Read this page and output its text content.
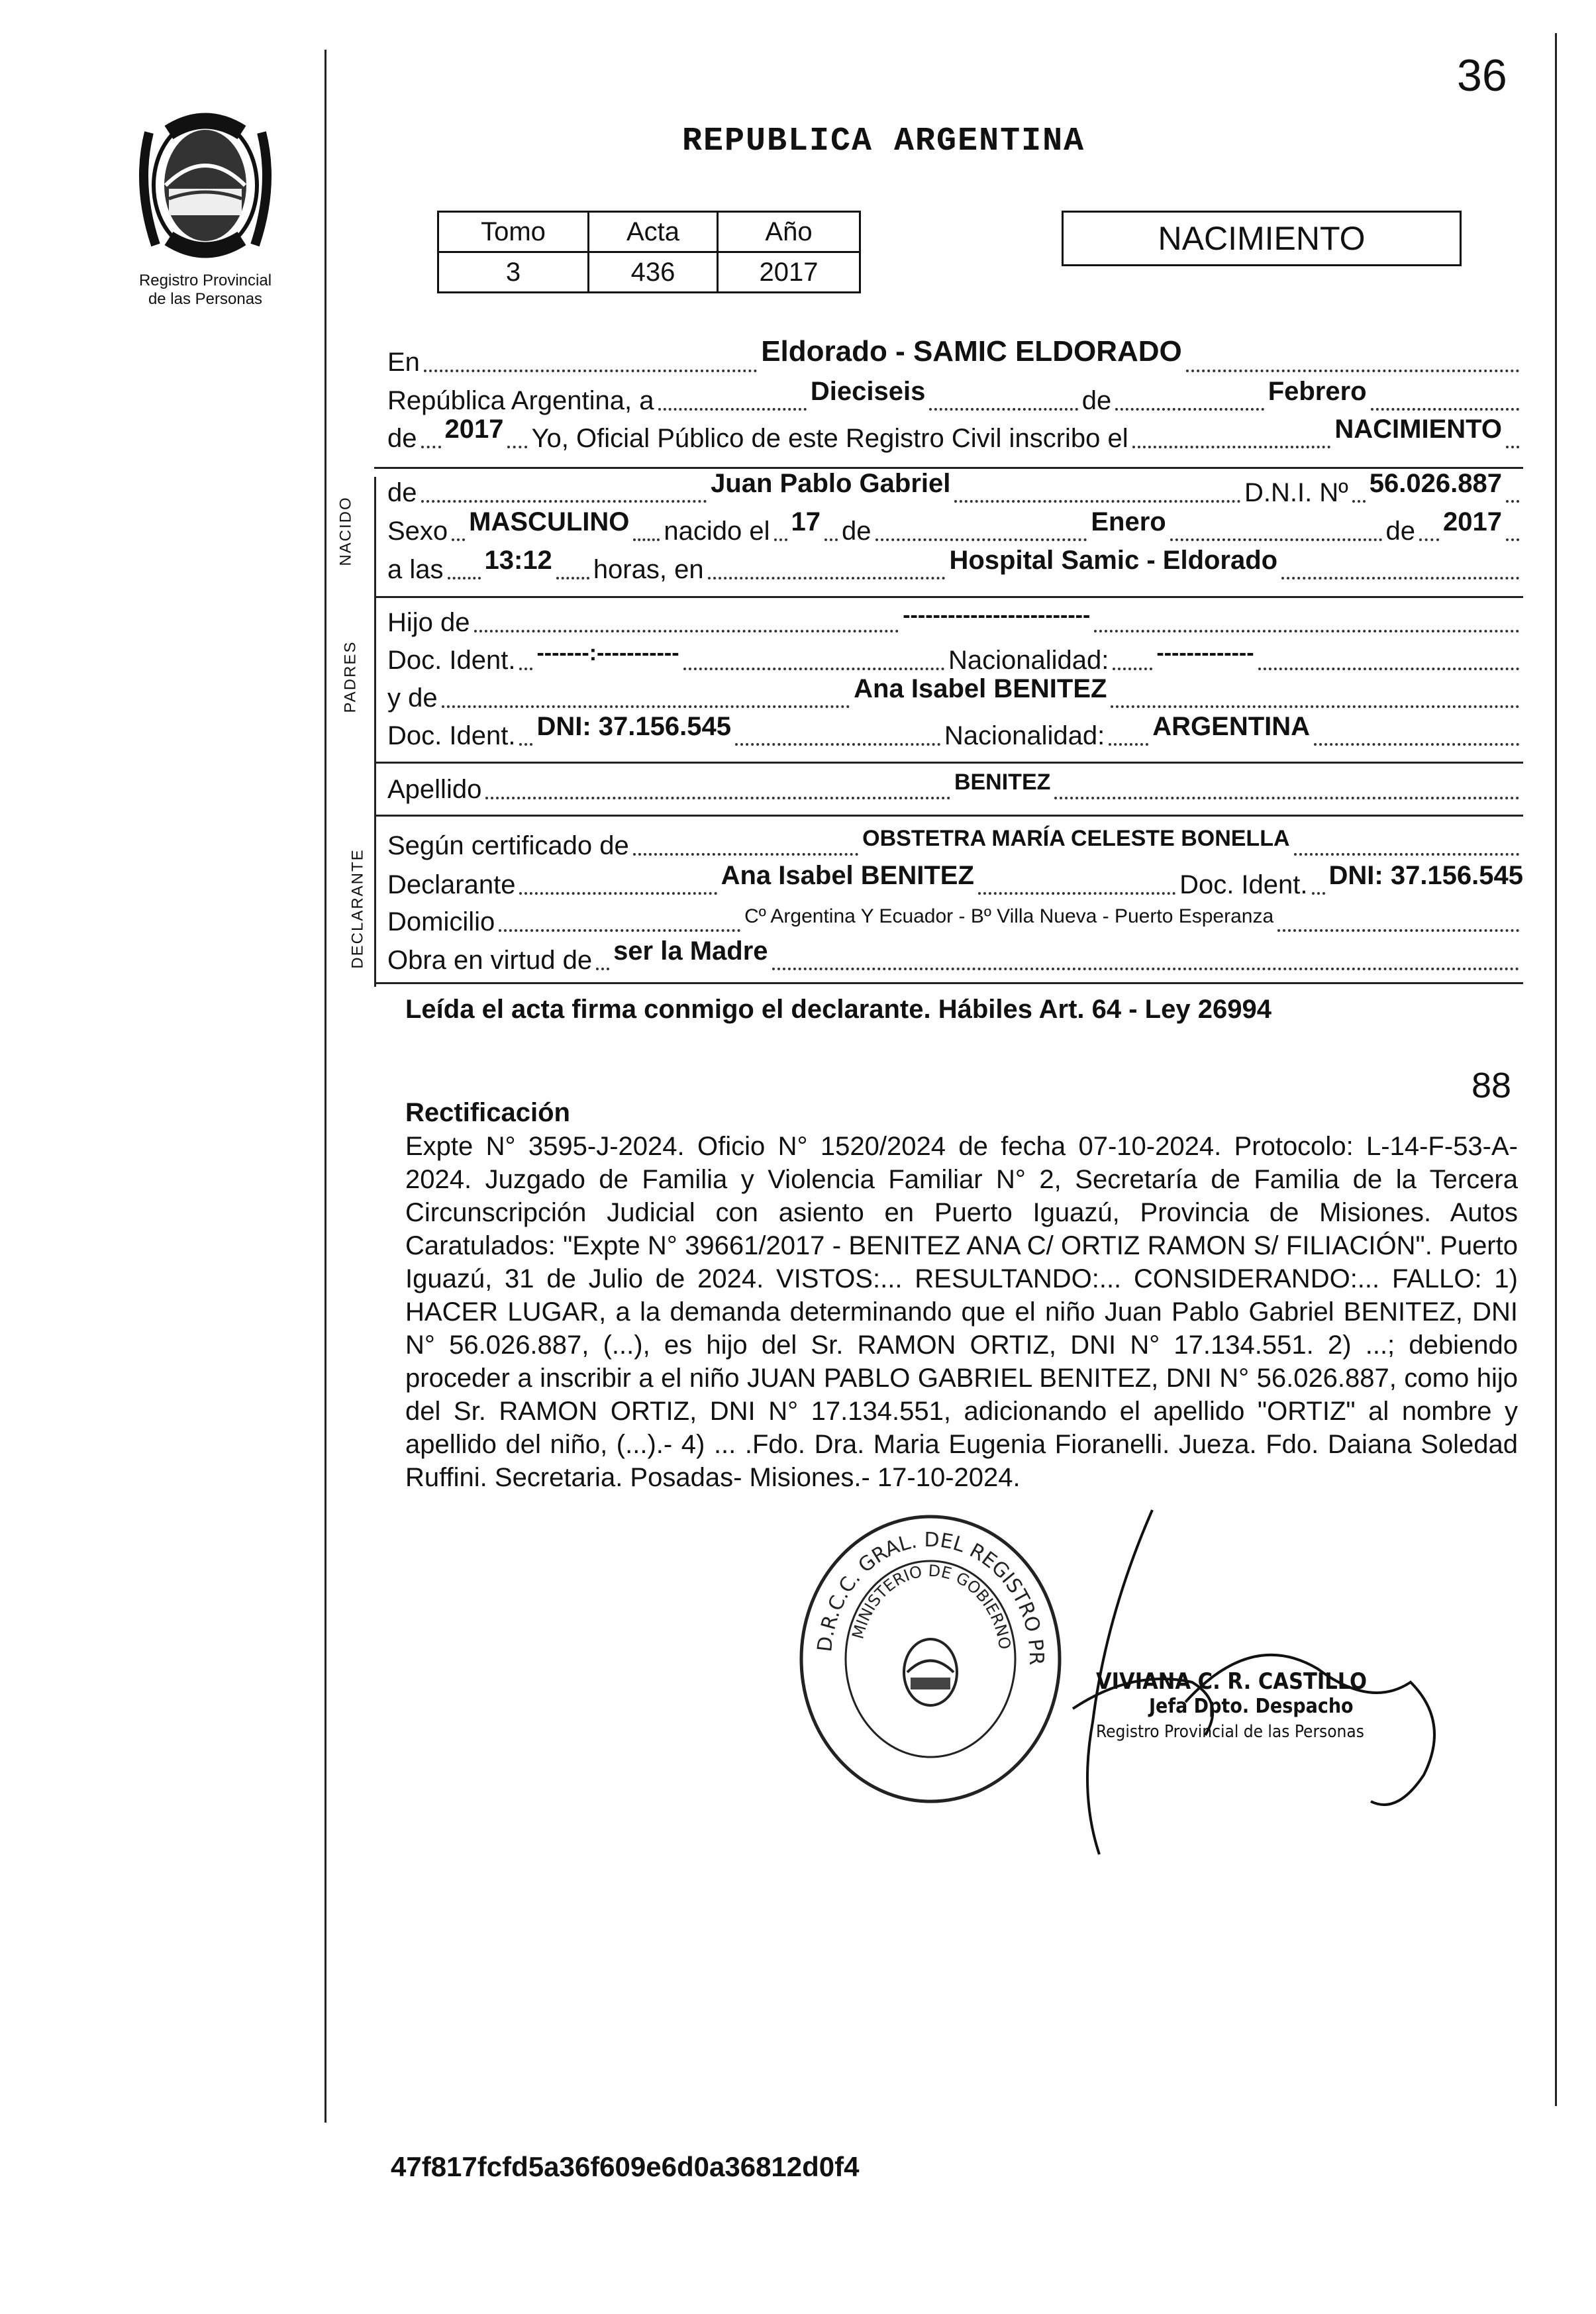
36
Registro Provincial
de las Personas
REPUBLICA ARGENTINA
Tomo	Acta	Año
3	436	2017
NACIMIENTO
En	Eldorado - SAMIC ELDORADO
República Argentina, a	Dieciseis	de	Febrero
de 2017 Yo, Oficial Público de este Registro Civil inscribo el	NACIMIENTO
NACIDO
de	Juan Pablo Gabriel	D.N.I. Nº 56.026.887
Sexo MASCULINO nacido el 17 de	Enero	de 2017
a las 13:12 horas, en	Hospital Samic - Eldorado
PADRES
Hijo de	-------------------------
Doc. Ident. -------:-----------	Nacionalidad: -------------
y de	Ana Isabel BENITEZ
Doc. Ident. DNI: 37.156.545	Nacionalidad: ARGENTINA
Apellido	BENITEZ
DECLARANTE
Según certificado de	OBSTETRA MARÍA CELESTE BONELLA
Declarante	Ana Isabel BENITEZ	Doc. Ident. DNI: 37.156.545
Domicilio	Cº Argentina Y Ecuador - Bº Villa Nueva - Puerto Esperanza
Obra en virtud de ser la Madre
Leída el acta firma conmigo el declarante. Hábiles Art. 64 - Ley 26994
88
Rectificación
Expte N° 3595-J-2024. Oficio N° 1520/2024 de fecha 07-10-2024. Protocolo: L-14-F-53-A-2024. Juzgado de Familia y Violencia Familiar N° 2, Secretaría de Familia de la Tercera Circunscripción Judicial con asiento en Puerto Iguazú, Provincia de Misiones. Autos Caratulados: "Expte N° 39661/2017 - BENITEZ ANA C/ ORTIZ RAMON S/ FILIACIÓN". Puerto Iguazú, 31 de Julio de 2024. VISTOS:... RESULTANDO:... CONSIDERANDO:... FALLO: 1) HACER LUGAR, a la demanda determinando que el niño Juan Pablo Gabriel BENITEZ, DNI N° 56.026.887, (...), es hijo del Sr. RAMON ORTIZ, DNI N° 17.134.551. 2) ...; debiendo proceder a inscribir a el niño JUAN PABLO GABRIEL BENITEZ, DNI N° 56.026.887, como hijo del Sr. RAMON ORTIZ, DNI N° 17.134.551, adicionando el apellido "ORTIZ" al nombre y apellido del niño, (...).- 4) ... .Fdo. Dra. Maria Eugenia Fioranelli. Jueza. Fdo. Daiana Soledad Ruffini. Secretaria. Posadas- Misiones.- 17-10-2024.
D.R.C.C. GRAL. DEL REGISTRO PR
MINISTERIO DE GOBIERNO
VIVIANA C. R. CASTILLO
Jefa Dpto. Despacho
Registro Provincial de las Personas
47f817fcfd5a36f609e6d0a36812d0f4
